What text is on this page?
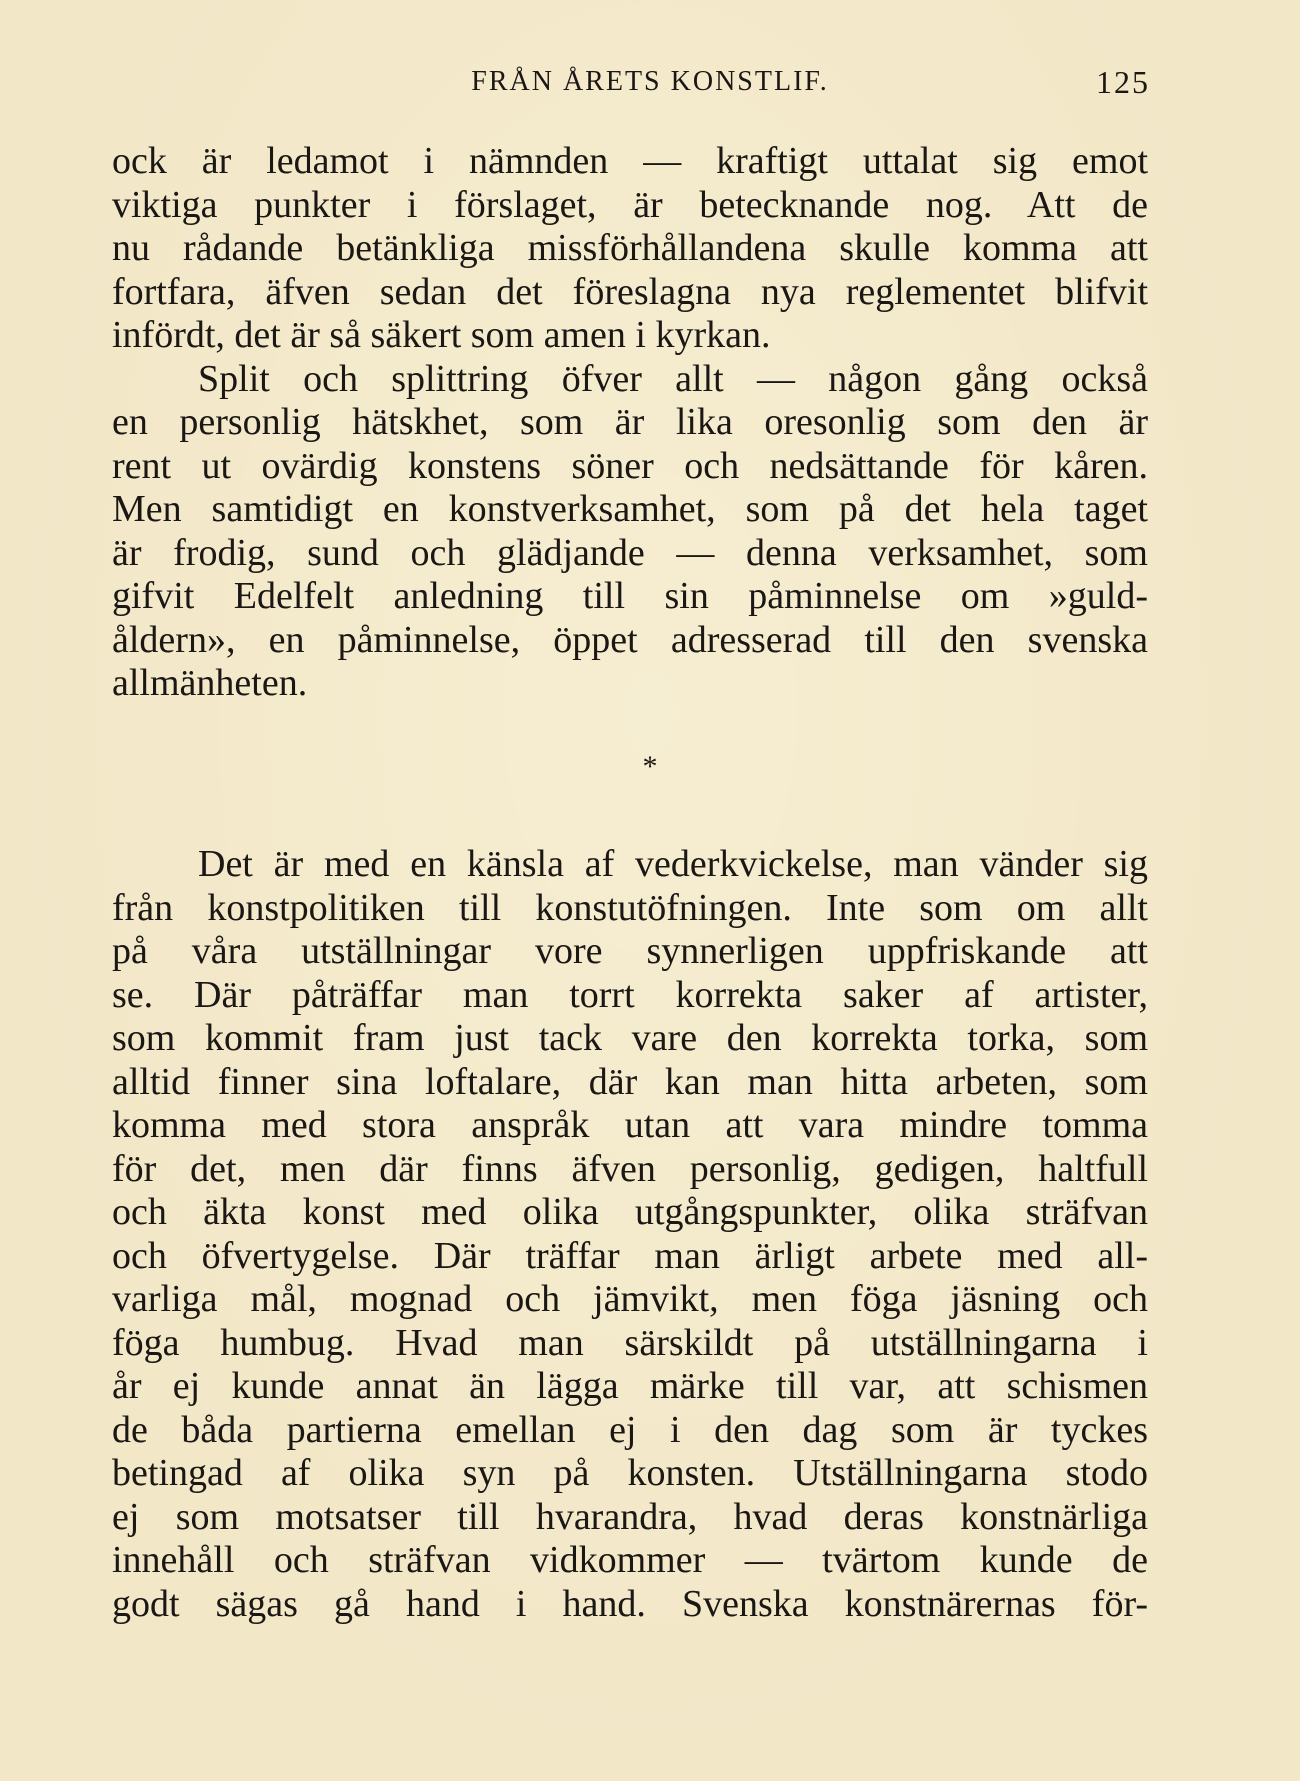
FRÅN ÅRETS KONSTLIF.	125
ock är ledamot i nämnden — kraftigt uttalat sig emot
viktiga punkter i förslaget, är betecknande nog. Att de
nu rådande betänkliga missförhållandena skulle komma att
fortfara, äfven sedan det föreslagna nya reglementet blifvit
infördt, det är så säkert som amen i kyrkan.
Split och splittring öfver allt — någon gång också
en personlig hätskhet, som är lika oresonlig som den är
rent ut ovärdig konstens söner och nedsättande för kåren.
Men samtidigt en konstverksamhet, som på det hela taget
är frodig, sund och glädjande — denna verksamhet, som
gifvit Edelfelt anledning till sin påminnelse om »guld-
åldern», en påminnelse, öppet adresserad till den svenska
allmänheten.
*
Det är med en känsla af vederkvickelse, man vänder sig
från konstpolitiken till konstutöfningen. Inte som om allt
på våra utställningar vore synnerligen uppfriskande att
se. Där påträffar man torrt korrekta saker af artister,
som kommit fram just tack vare den korrekta torka, som
alltid finner sina loftalare, där kan man hitta arbeten, som
komma med stora anspråk utan att vara mindre tomma
för det, men där finns äfven personlig, gedigen, haltfull
och äkta konst med olika utgångspunkter, olika sträfvan
och öfvertygelse. Där träffar man ärligt arbete med all-
varliga mål, mognad och jämvikt, men föga jäsning och
föga humbug. Hvad man särskildt på utställningarna i
år ej kunde annat än lägga märke till var, att schismen
de båda partierna emellan ej i den dag som är tyckes
betingad af olika syn på konsten. Utställningarna stodo
ej som motsatser till hvarandra, hvad deras konstnärliga
innehåll och sträfvan vidkommer — tvärtom kunde de
godt sägas gå hand i hand. Svenska konstnärernas för-
